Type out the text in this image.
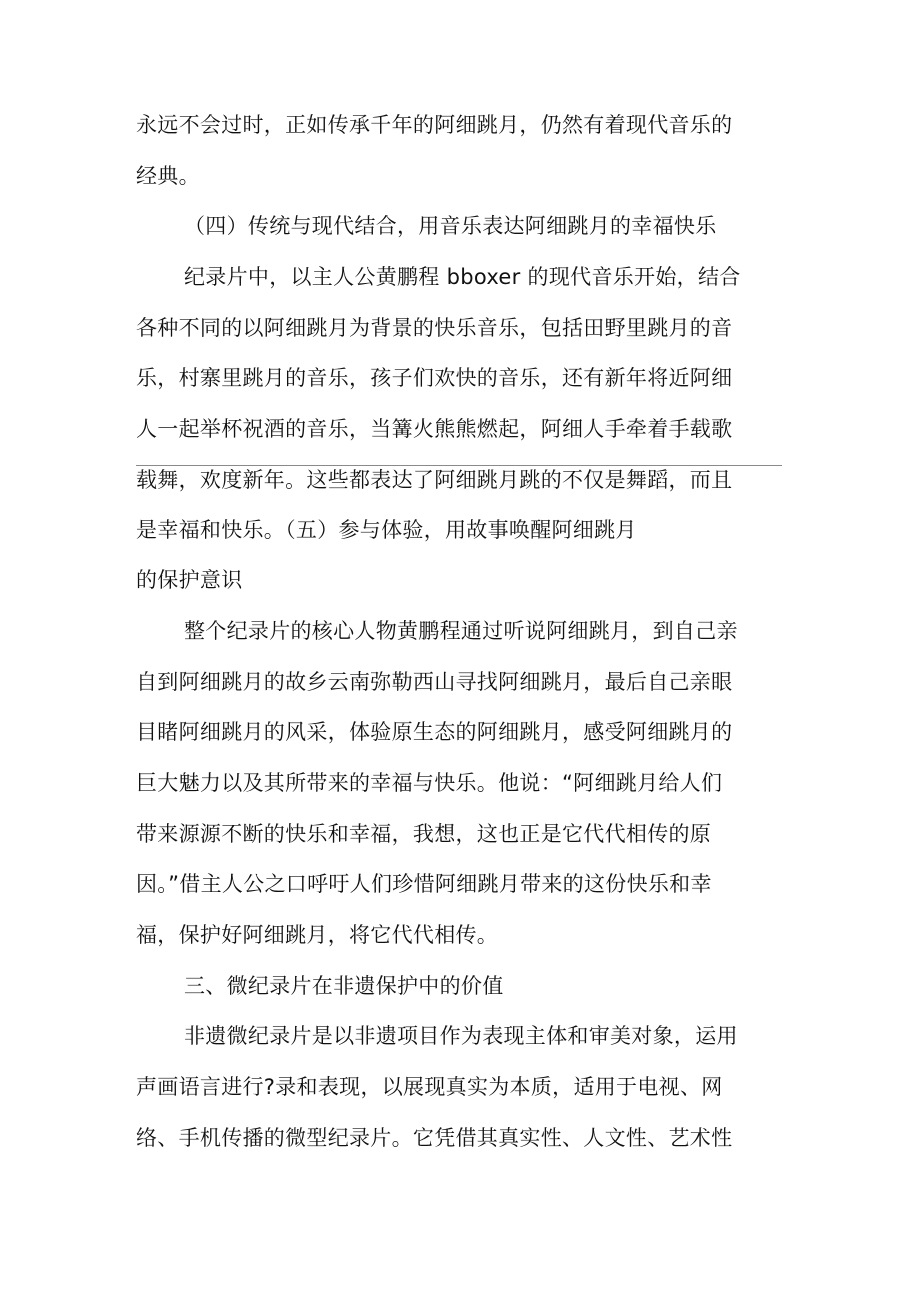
永远不会过时，正如传承千年的阿细跳月，仍然有着现代音乐的
经典。
（四）传统与现代结合，用音乐表达阿细跳月的幸福快乐
纪录片中，以主人公黄鹏程 bboxer 的现代音乐开始，结合
各种不同的以阿细跳月为背景的快乐音乐，包括田野里跳月的音
乐，村寨里跳月的音乐，孩子们欢快的音乐，还有新年将近阿细
人一起举杯祝酒的音乐，当篝火熊熊燃起，阿细人手牵着手载歌
载舞，欢度新年。这些都表达了阿细跳月跳的不仅是舞蹈，而且
是幸福和快乐。（五）参与体验，用故事唤醒阿细跳月
的保护意识
整个纪录片的核心人物黄鹏程通过听说阿细跳月，到自己亲
自到阿细跳月的故乡云南弥勒西山寻找阿细跳月，最后自己亲眼
目睹阿细跳月的风采，体验原生态的阿细跳月，感受阿细跳月的
巨大魅力以及其所带来的幸福与快乐。他说：“阿细跳月给人们
带来源源不断的快乐和幸福，我想，这也正是它代代相传的原
因。”借主人公之口呼吁人们珍惜阿细跳月带来的这份快乐和幸
福，保护好阿细跳月，将它代代相传。
三、微纪录片在非遗保护中的价值
非遗微纪录片是以非遗项目作为表现主体和审美对象，运用
声画语言进行?录和表现，以展现真实为本质，适用于电视、网
络、手机传播的微型纪录片。它凭借其真实性、人文性、艺术性
